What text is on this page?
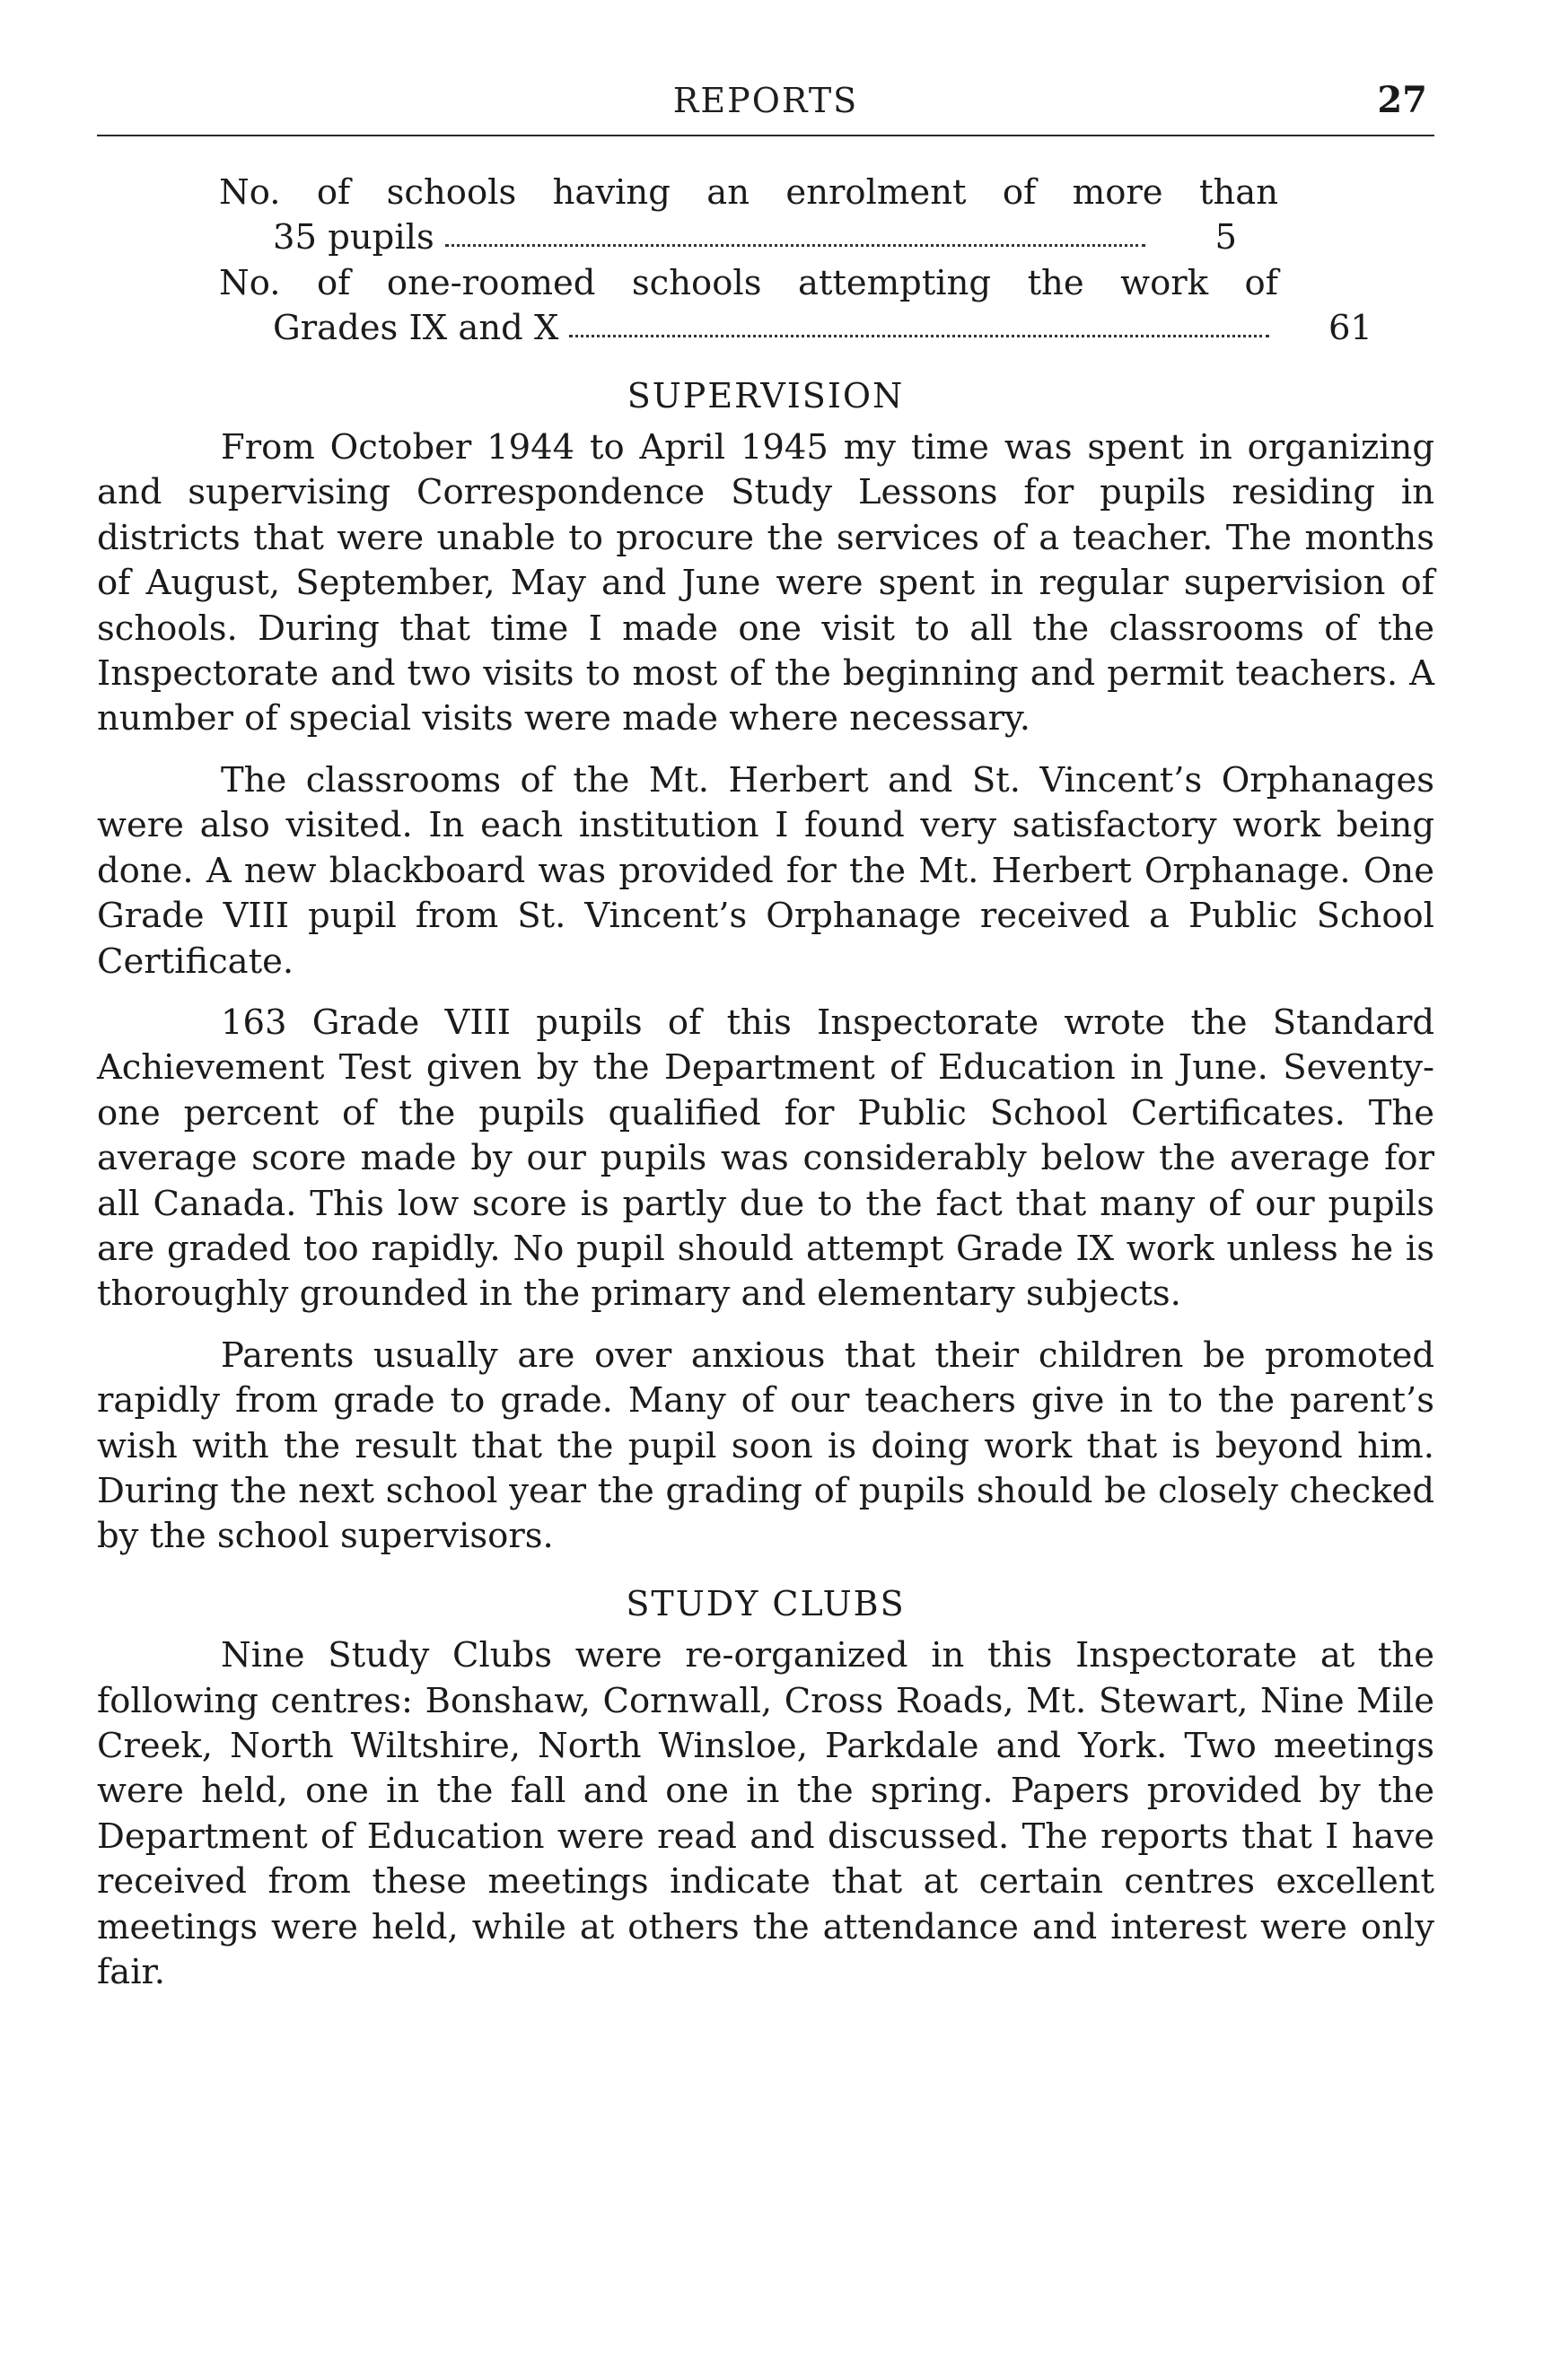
REPORTS	27
No. of schools having an enrolment of more than
35 pupils	5
No. of one-roomed schools attempting the work of
Grades IX and X	61
SUPERVISION

From October 1944 to April 1945 my time was spent in organizing and supervising Correspondence Study Lessons for pupils residing in districts that were unable to procure the services of a teacher. The months of August, September, May and June were spent in regular supervision of schools. During that time I made one visit to all the classrooms of the Inspectorate and two visits to most of the beginning and permit teachers. A number of special visits were made where necessary.

The classrooms of the Mt. Herbert and St. Vincent’s Orphanages were also visited. In each institution I found very satisfactory work being done. A new blackboard was provided for the Mt. Herbert Orphanage. One Grade VIII pupil from St. Vincent’s Orphanage received a Public School Certificate.

163 Grade VIII pupils of this Inspectorate wrote the Standard Achievement Test given by the Department of Education in June. Seventy-one percent of the pupils qualified for Public School Certificates. The average score made by our pupils was considerably below the average for all Canada. This low score is partly due to the fact that many of our pupils are graded too rapidly. No pupil should attempt Grade IX work unless he is thoroughly grounded in the primary and elementary subjects.

Parents usually are over anxious that their children be promoted rapidly from grade to grade. Many of our teachers give in to the parent’s wish with the result that the pupil soon is doing work that is beyond him. During the next school year the grading of pupils should be closely checked by the school supervisors.

STUDY CLUBS

Nine Study Clubs were re-organized in this Inspectorate at the following centres: Bonshaw, Cornwall, Cross Roads, Mt. Stewart, Nine Mile Creek, North Wiltshire, North Winsloe, Parkdale and York. Two meetings were held, one in the fall and one in the spring. Papers provided by the Department of Education were read and discussed. The reports that I have received from these meetings indicate that at certain centres excellent meetings were held, while at others the attendance and interest were only fair.
